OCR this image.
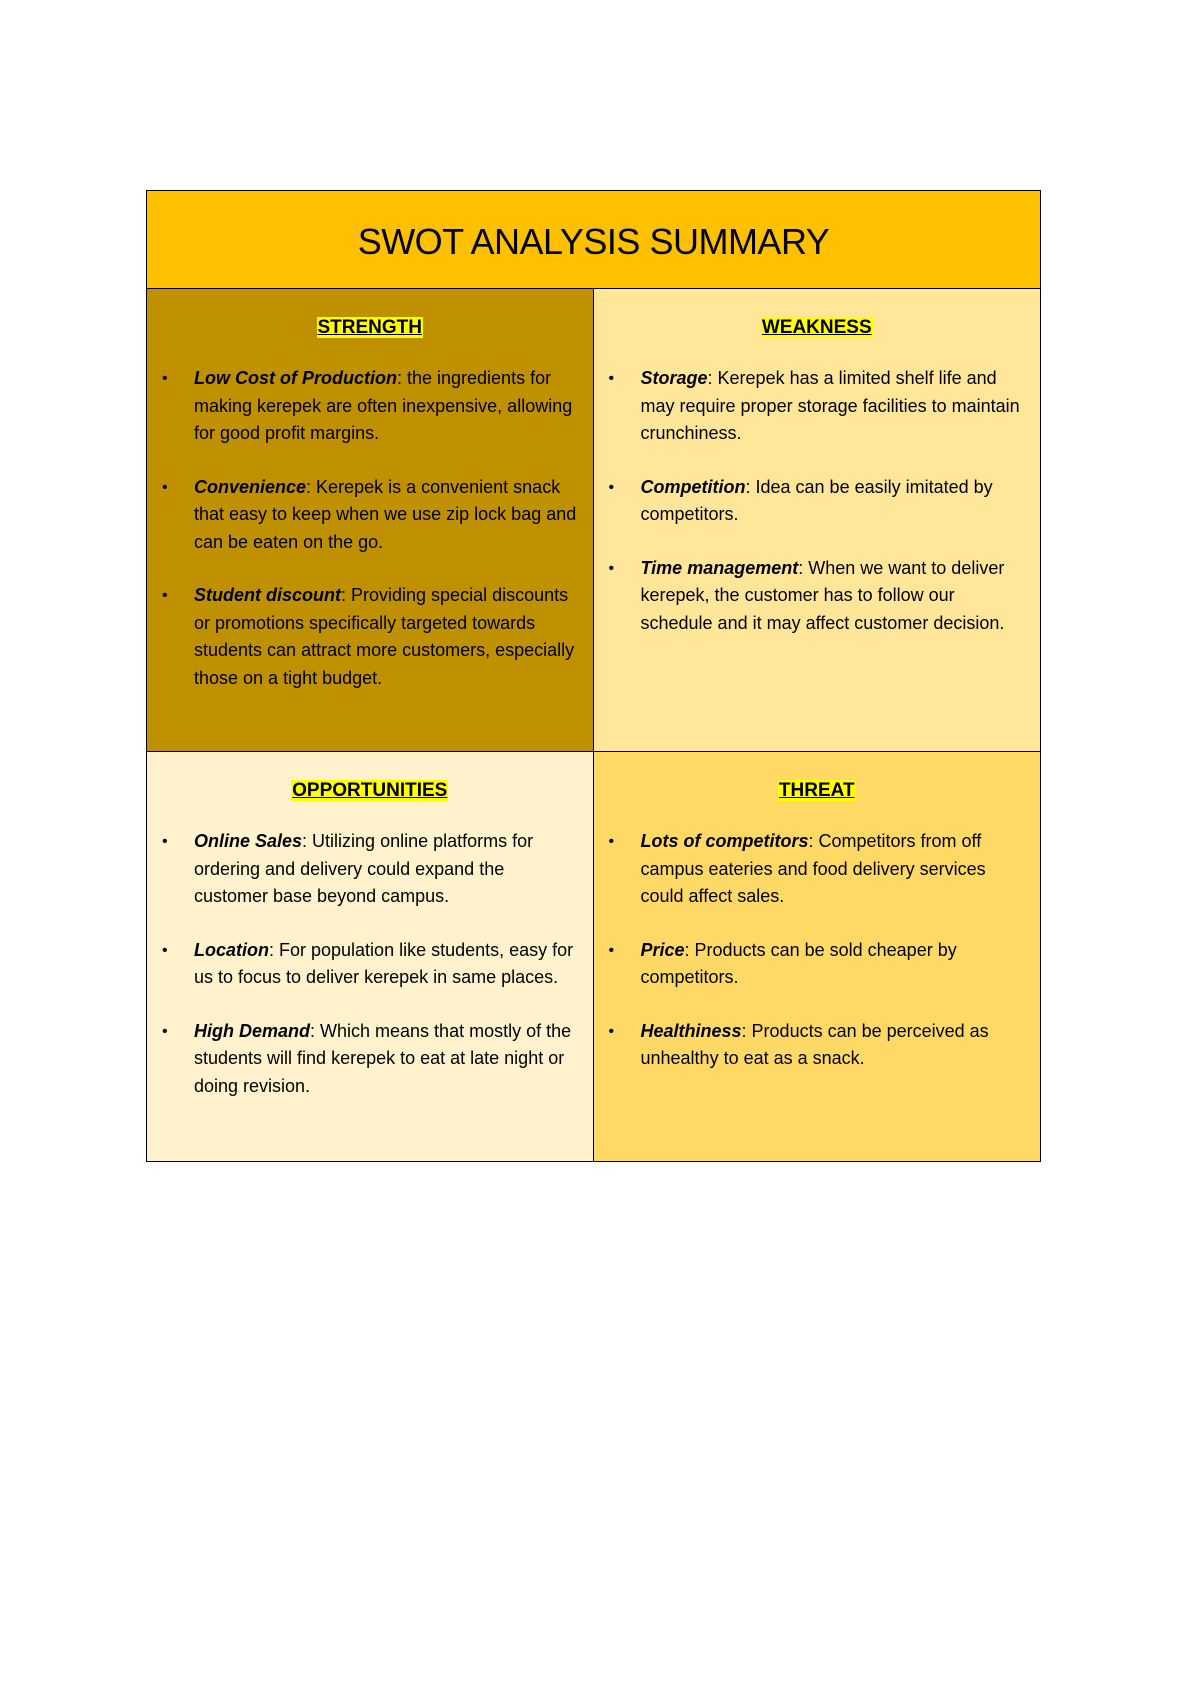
SWOT ANALYSIS SUMMARY
STRENGTH
• Low Cost of Production: the ingredients for making kerepek are often inexpensive, allowing for good profit margins.
• Convenience: Kerepek is a convenient snack that easy to keep when we use zip lock bag and can be eaten on the go.
• Student discount: Providing special discounts or promotions specifically targeted towards students can attract more customers, especially those on a tight budget.
WEAKNESS
• Storage: Kerepek has a limited shelf life and may require proper storage facilities to maintain crunchiness.
• Competition: Idea can be easily imitated by competitors.
• Time management: When we want to deliver kerepek, the customer has to follow our schedule and it may affect customer decision.
OPPORTUNITIES
• Online Sales: Utilizing online platforms for ordering and delivery could expand the customer base beyond campus.
• Location: For population like students, easy for us to focus to deliver kerepek in same places.
• High Demand: Which means that mostly of the students will find kerepek to eat at late night or doing revision.
THREAT
• Lots of competitors: Competitors from off campus eateries and food delivery services could affect sales.
• Price: Products can be sold cheaper by competitors.
• Healthiness: Products can be perceived as unhealthy to eat as a snack.
